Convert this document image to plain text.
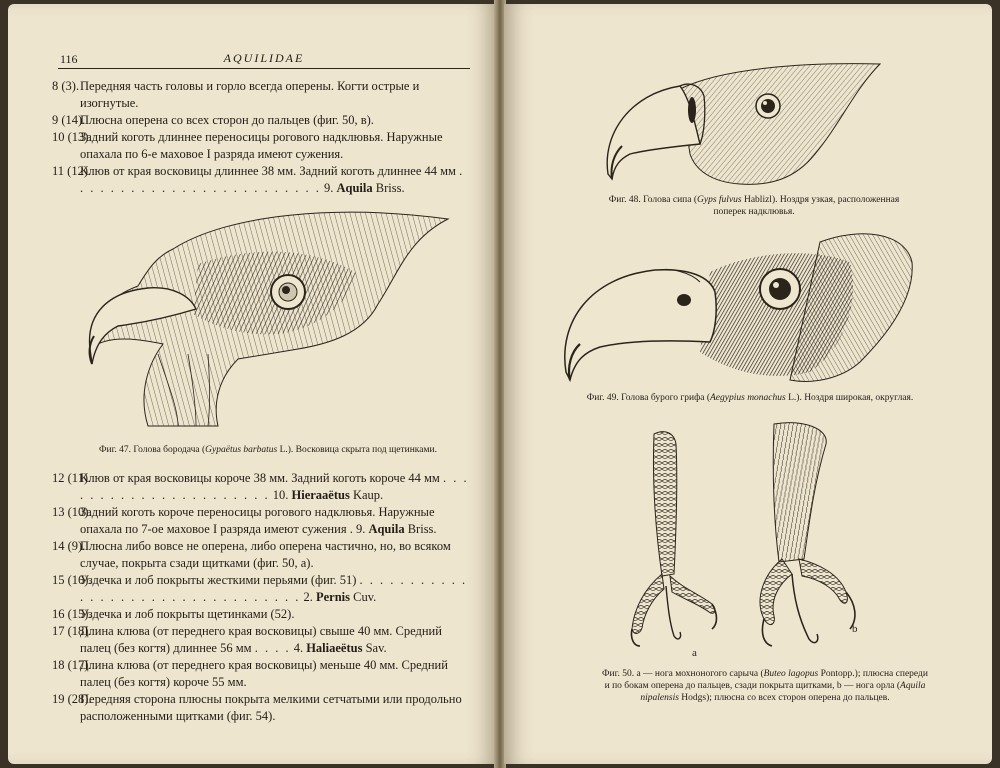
116	AQUILIDAE
8 (3). Передняя часть головы и горло всегда оперены. Когти острые и изогнутые.
9 (14).
Плюсна оперена со всех сторон до пальцев (фиг. 50, в).
10 (13).
Задний коготь длиннее переносицы рогового надклювья. Наружные опахала по 6-е маховое I разряда имеют сужения.
11 (12).
Клюв от края восковицы длиннее 38 мм. Задний коготь длиннее 44 мм . . . . . . . . . . . . . . . . . . . . . . . . . 9. Aquila Briss.
Фиг. 47. Голова бородача (Gypaëtus barbatus L.). Восковица скрыта под щетинками.
12 (11).
Клюв от края восковицы короче 38 мм. Задний коготь короче 44 мм . . . . . . . . . . . . . . . . . . . . . . 10. Hieraaëtus Kaup.
13 (10).
Задний коготь короче переносицы рогового надклювья. Наружные опахала по 7-ое маховое I разряда имеют сужения . 9. Aquila Briss.
14 (9).
Плюсна либо вовсе не оперена, либо оперена частично, но, во всяком случае, покрыта сзади щитками (фиг. 50, а).
15 (16).
Уздечка и лоб покрыты жесткими перьями (фиг. 51) . . . . . . . . . . . . . . . . . . . . . . . . . . . . . . . . . 2. Pernis Cuv.
16 (15).
Уздечка и лоб покрыты щетинками (52).
17 (18).
Длина клюва (от переднего края восковицы) свыше 40 мм. Средний палец (без когтя) длиннее 56 мм . . . . 4. Haliaeëtus Sav.
18 (17).
Длина клюва (от переднего края восковицы) меньше 40 мм. Средний палец (без когтя) короче 55 мм.
19 (28).
Передняя сторона плюсны покрыта мелкими сетчатыми или продольно расположенными щитками (фиг. 54).
Фиг. 48. Голова сипа (Gyps fulvus Hablizl). Ноздря узкая, расположенная поперек надклювья.
Фиг. 49. Голова бурого грифа (Aegypius monachus L.). Ноздря широкая, округлая.
a
b
Фиг. 50. а — нога мохноногого сарыча (Buteo lagopus Pontopp.); плюсна спереди и по бокам оперена до пальцев, сзади покрыта щитками, b — нога орла (Aquila nipalensis Hodgs); плюсна со всех сторон оперена до пальцев.
